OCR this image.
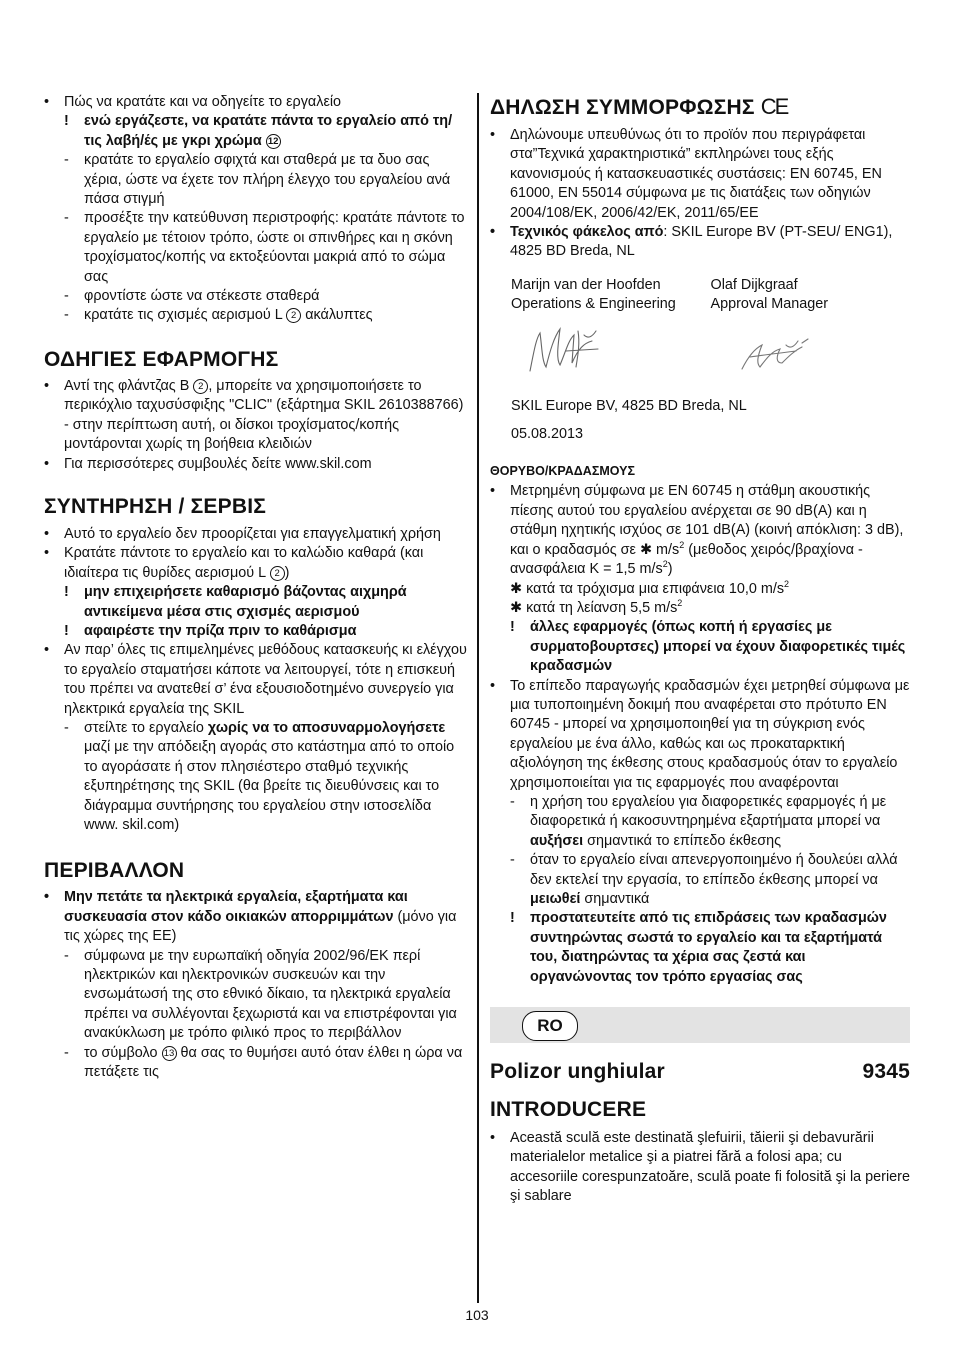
•	Πώς να κρατάτε και να οδηγείτε το εργαλείο
!	ενώ εργάζεστε, να κρατάτε πάντα το εργαλείο από τη/τις λαβή/ές με γκρι χρώμα 12
-	κρατάτε το εργαλείο σφιχτά και σταθερά με τα δυο σας χέρια, ώστε να έχετε τον πλήρη έλεγχο του εργαλείου ανά πάσα στιγμή
-	προσέξτε την κατεύθυνση περιστροφής: κρατάτε πάντοτε το εργαλείο με τέτοιον τρόπο, ώστε οι σπινθήρες και η σκόνη τροχίσματος/κοπής να εκτοξεύονται μακριά από το σώμα σας
-	φροντίστε ώστε να στέκεστε σταθερά
-	κρατάτε τις σχισμές αερισμού L 2 ακάλυπτες
ΟΔΗΓΙΕΣ ΕΦΑΡΜΟΓΗΣ
•	Αντί της φλάντζας B 2 , μπορείτε να χρησιμοποιήσετε το περικόχλιο ταχυσύσφιξης "CLIC" (εξάρτημα SKIL 2610388766) - στην περίπτωση αυτή, οι δίσκοι τροχίσματος/κοπής μοντάρονται χωρίς τη βοήθεια κλειδιών
•	Για περισσότερες συμβουλές δείτε www.skil.com
ΣΥΝΤΗΡΗΣΗ / ΣΕΡΒΙΣ
•	Αυτό το εργαλείο δεν προορίζεται για επαγγελματική χρήση
•	Κρατάτε πάντοτε το εργαλείο και το καλώδιο καθαρά (και ιδιαίτερα τις θυρίδες αερισμού L 2 )
!	μην επιχειρήσετε καθαρισμό βάζοντας αιχμηρά αντικείμενα μέσα στις σχισμές αερισμού
!	αφαιρέστε την πρίζα πριν το καθάρισμα
•	Αν παρ’ όλες τις επιμελημένες μεθόδους κατασκευής κι ελέγχου το εργαλείο σταματήσει κάποτε να λειτουργεί, τότε η επισκευή του πρέπει να ανατεθεί σ’ ένα εξουσιοδοτημένο συνεργείο για ηλεκτρικά εργαλεία της SKIL
-	στείλτε το εργαλείο χωρίς να το αποσυναρμολογήσετε μαζί με την απόδειξη αγοράς στο κατάστημα από το οποίο το αγοράσατε ή στον πλησιέστερο σταθμό τεχνικής εξυπηρέτησης της SKIL (θα βρείτε τις διευθύνσεις και το διάγραμμα συντήρησης του εργαλείου στην ιστοσελίδα www. skil.com)
ΠΕΡΙΒΑΛΛΟΝ
•	Μην πετάτε τα ηλεκτρικά εργαλεία, εξαρτήματα και συσκευασία στον κάδο οικιακών απορριμμάτων (μόνο για τις χώρες της ΕΕ)
-	σύμφωνα με την ευρωπαϊκή οδηγία 2002/96/ΕΚ περί ηλεκτρικών και ηλεκτρονικών συσκευών και την ενσωμάτωσή της στο εθνικό δίκαιο, τα ηλεκτρικά εργαλεία πρέπει να συλλέγονται ξεχωριστά και να επιστρέφονται για ανακύκλωση με τρόπο φιλικό προς το περιβάλλον
-	το σύμβολο 13 θα σας το θυμήσει αυτό όταν έλθει η ώρα να πετάξετε τις
ΔΗΛΩΣΗ ΣΥΜΜΟΡΦΩΣΗΣ CE
•	Δηλώνουμε υπευθύνως ότι το προϊόν που περιγράφεται στα”Τεχνικά χαρακτηριστικά” εκπληρώνει τους εξής κανονισμούς ή κατασκευαστικές συστάσεις: EN 60745, EN 61000, EN 55014 σύμφωνα με τις διατάξεις των οδηγιών 2004/108/EK, 2006/42/EK, 2011/65/EE
•	Τεχνικός φάκελος από: SKIL Europe BV (PT-SEU/ ENG1), 4825 BD Breda, NL
Marijn van der Hoofden
Operations & Engineering
Olaf Dijkgraaf
Approval Manager
SKIL Europe BV, 4825 BD Breda, NL
05.08.2013
ΘΟΡΥΒΟ/ΚΡΑΔΑΣΜΟΥΣ
•	Μετρημένη σύμφωνα με EN 60745 η στάθμη ακουστικής πίεσης αυτού του εργαλείου ανέρχεται σε 90 dB(A) και η στάθμη ηχητικής ισχύος σε 101 dB(A) (κοινή απόκλιση: 3 dB), και ο κραδασμός σε ✱ $m/s^2$ (μεθοδος χειρός/βραχίονα - ανασφάλεια K = 1,5 $m/s^2$)
✱ κατά τα τρόχισμα μια επιφάνεια 10,0 $m/s^2$
✱ κατά τη λείανση 5,5 $m/s^2$
!	άλλες εφαρμογές (όπως κοπή ή εργασίες με συρματοβουρτσες) μπορεί να έχουν διαφορετικές τιμές κραδασμών
•	Το επίπεδο παραγωγής κραδασμών έχει μετρηθεί σύμφωνα με μια τυποποιημένη δοκιμή που αναφέρεται στο πρότυπο EN 60745 - μπορεί να χρησιμοποιηθεί για τη σύγκριση ενός εργαλείου με ένα άλλο, καθώς και ως προκαταρκτική αξιολόγηση της έκθεσης στους κραδασμούς όταν το εργαλείο χρησιμοποιείται για τις εφαρμογές που αναφέρονται
-	η χρήση του εργαλείου για διαφορετικές εφαρμογές ή με διαφορετικά ή κακοσυντηρημένα εξαρτήματα μπορεί να αυξήσει σημαντικά το επίπεδο έκθεσης
-	όταν το εργαλείο είναι απενεργοποιημένο ή δουλεύει αλλά δεν εκτελεί την εργασία, το επίπεδο έκθεσης μπορεί να μειωθεί σημαντικά
!	προστατευτείτε από τις επιδράσεις των κραδασμών συντηρώντας σωστά το εργαλείο και τα εξαρτήματά του, διατηρώντας τα χέρια σας ζεστά και οργανώνοντας τον τρόπο εργασίας σας
RO
Polizor unghiular	9345
INTRODUCERE
•	Această sculă este destinată şlefuirii, tăierii şi debavurării materialelor metalice şi a piatrei fără a folosi apa; cu accesoriile corespunzatoăre, sculă poate fi folosită şi la periere şi sablare
103
